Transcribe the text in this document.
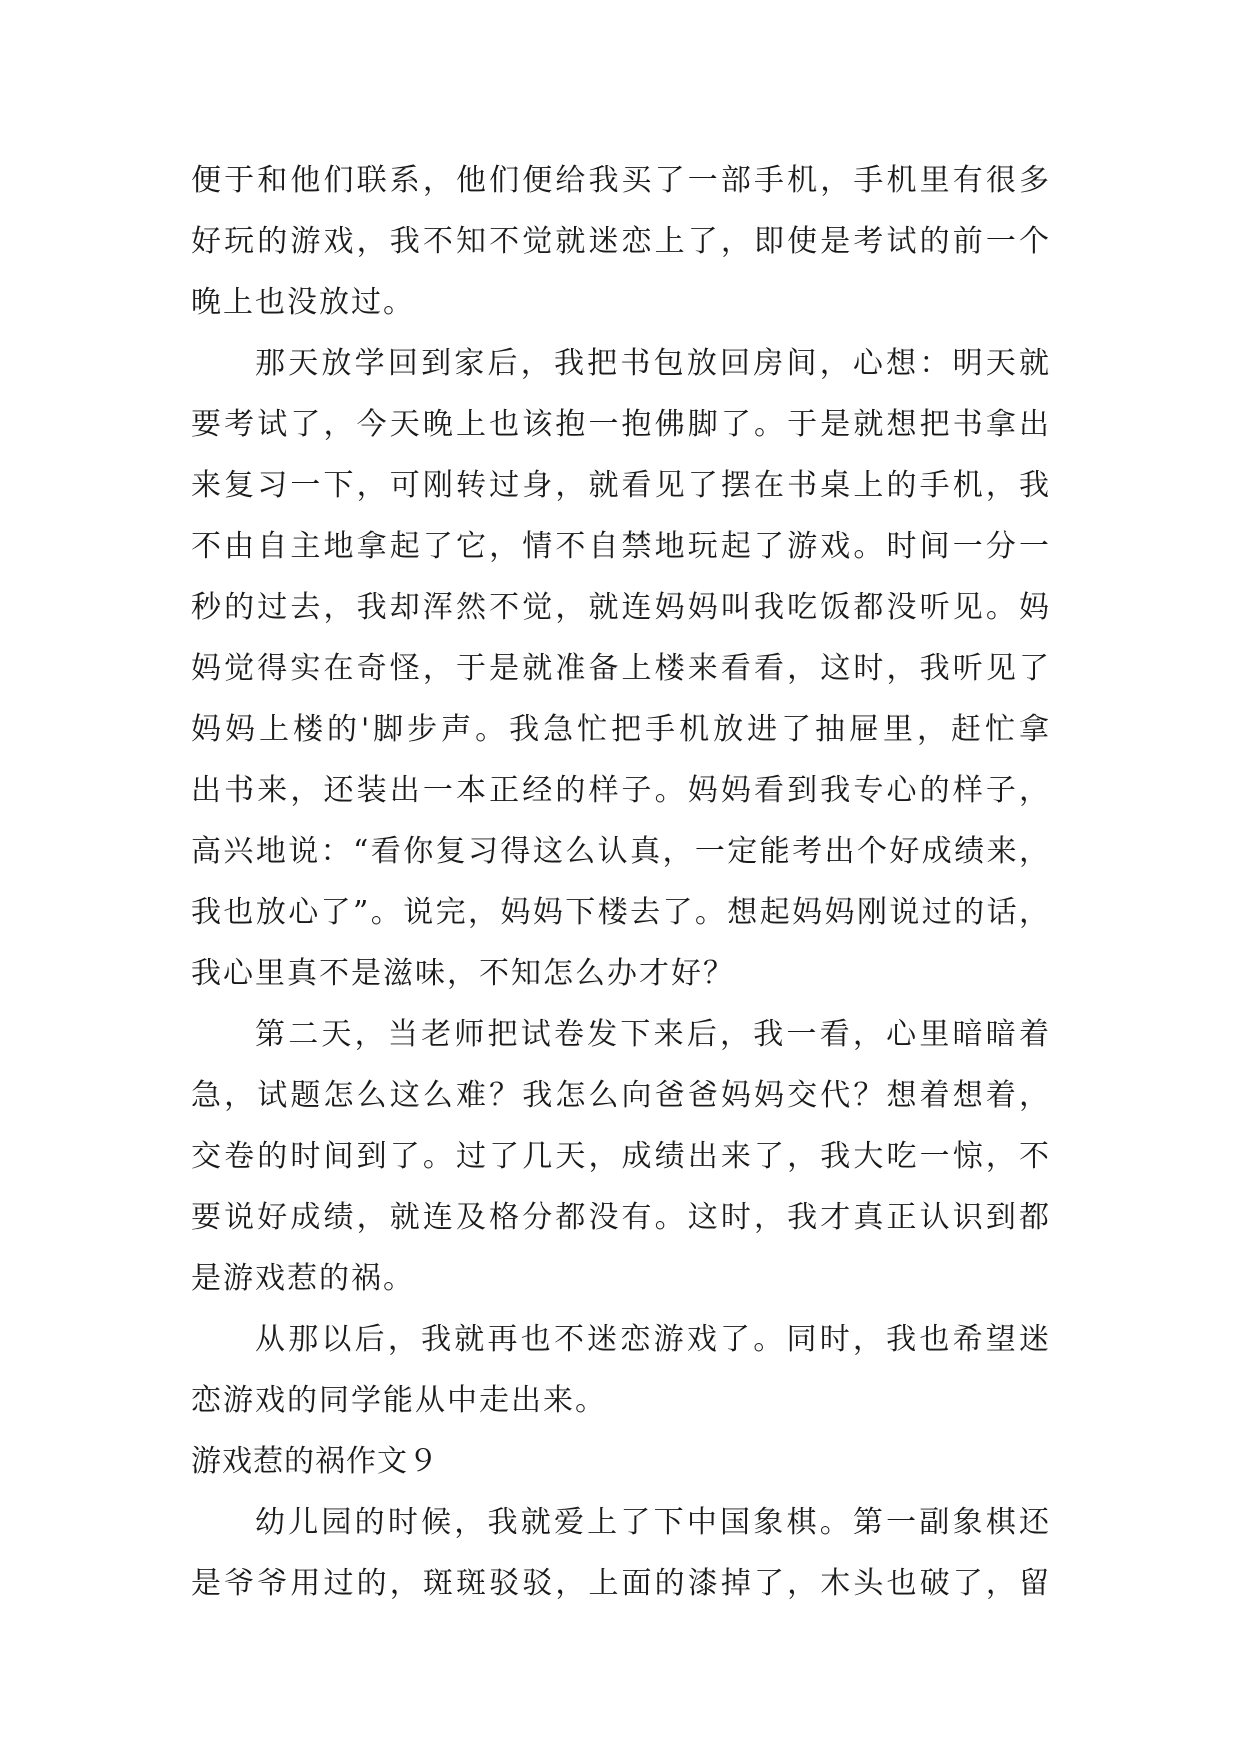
便于和他们联系，他们便给我买了一部手机，手机里有很多
好玩的游戏，我不知不觉就迷恋上了，即使是考试的前一个
晚上也没放过。
那天放学回到家后，我把书包放回房间，心想：明天就
要考试了，今天晚上也该抱一抱佛脚了。于是就想把书拿出
来复习一下，可刚转过身，就看见了摆在书桌上的手机，我
不由自主地拿起了它，情不自禁地玩起了游戏。时间一分一
秒的过去，我却浑然不觉，就连妈妈叫我吃饭都没听见。妈
妈觉得实在奇怪，于是就准备上楼来看看，这时，我听见了
妈妈上楼的'脚步声。我急忙把手机放进了抽屉里，赶忙拿
出书来，还装出一本正经的样子。妈妈看到我专心的样子，
高兴地说：“看你复习得这么认真，一定能考出个好成绩来，
我也放心了”。说完，妈妈下楼去了。想起妈妈刚说过的话，
我心里真不是滋味，不知怎么办才好？
第二天，当老师把试卷发下来后，我一看，心里暗暗着
急，试题怎么这么难？我怎么向爸爸妈妈交代？想着想着，
交卷的时间到了。过了几天，成绩出来了，我大吃一惊，不
要说好成绩，就连及格分都没有。这时，我才真正认识到都
是游戏惹的祸。
从那以后，我就再也不迷恋游戏了。同时，我也希望迷
恋游戏的同学能从中走出来。
游戏惹的祸作文９
幼儿园的时候，我就爱上了下中国象棋。第一副象棋还
是爷爷用过的，斑斑驳驳，上面的漆掉了，木头也破了，留
